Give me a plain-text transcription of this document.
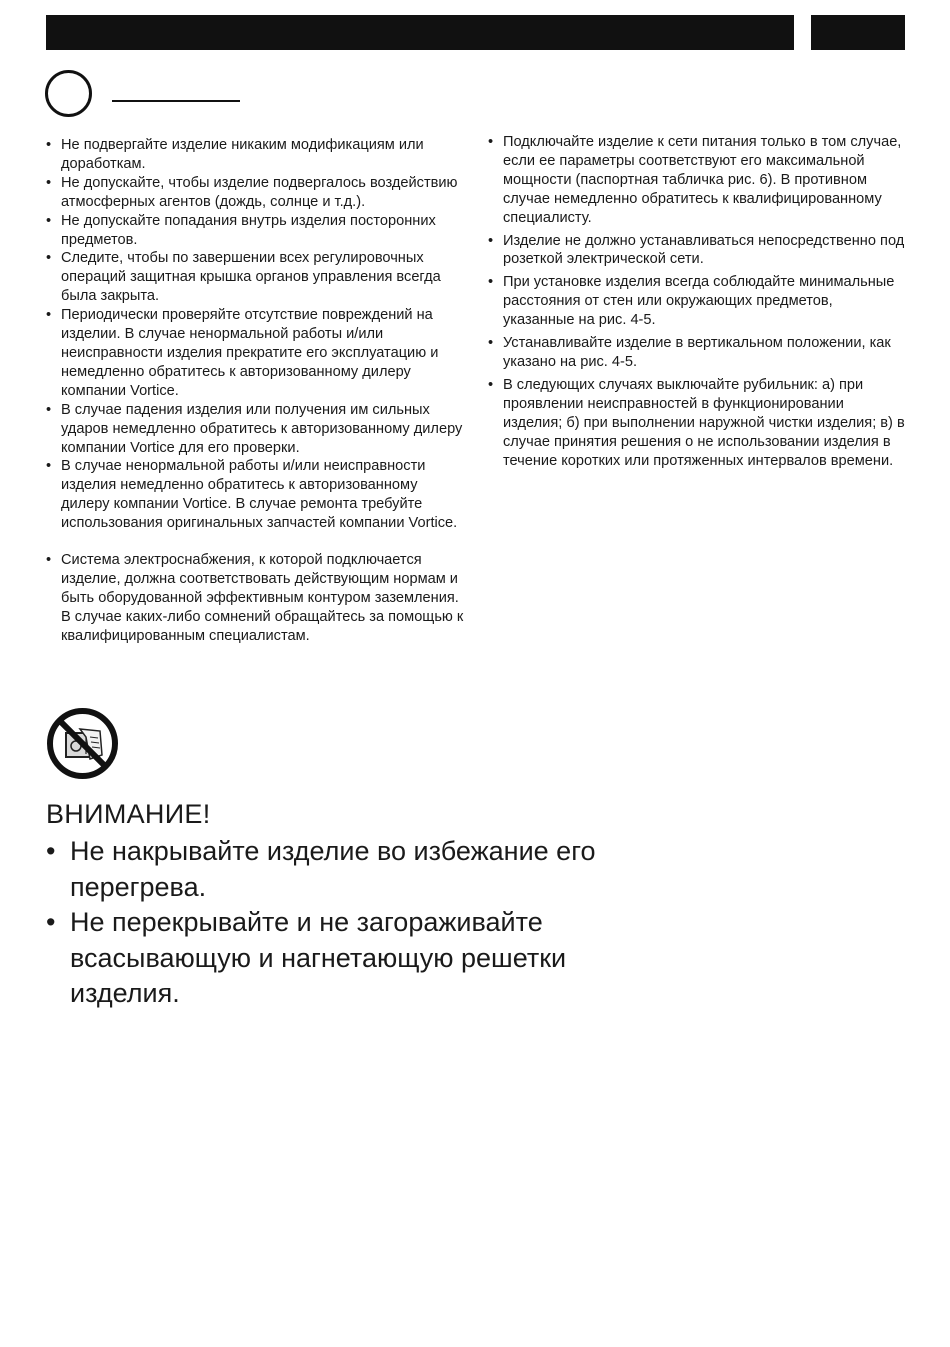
• Не подвергайте изделие никаким модификациям или доработкам.
• Не допускайте, чтобы изделие подвергалось воздействию атмосферных агентов (дождь, солнце и т.д.).
• Не допускайте попадания внутрь изделия посторонних предметов.
• Следите, чтобы по завершении всех регулировочных операций защитная крышка органов управления всегда была закрыта.
• Периодически проверяйте отсутствие повреждений на изделии. В случае ненормальной работы и/или неисправности изделия прекратите его эксплуатацию и немедленно обратитесь к авторизованному дилеру компании Vortice.
• В случае падения изделия или получения им сильных ударов немедленно обратитесь к авторизованному дилеру компании Vortice для его проверки.
• В случае ненормальной работы и/или неисправности изделия немедленно обратитесь к авторизованному дилеру компании Vortice. В случае ремонта требуйте использования оригинальных запчастей компании Vortice.
• Система электроснабжения, к которой подключается изделие, должна соответствовать действующим нормам и быть оборудованной эффективным контуром заземления. В случае каких-либо сомнений обращайтесь за помощью к квалифицированным специалистам.
• Подключайте изделие к сети питания только в том случае, если ее параметры соответствуют его максимальной мощности (паспортная табличка рис. 6). В противном случае немедленно обратитесь к квалифицированному специалисту.
• Изделие не должно устанавливаться непосредственно под розеткой электрической сети.
• При установке изделия всегда соблюдайте минимальные расстояния от стен или окружающих предметов, указанные на рис. 4-5.
• Устанавливайте изделие в вертикальном положении, как указано на рис. 4-5.
• В следующих случаях выключайте рубильник: а) при проявлении неисправностей в функционировании изделия; б) при выполнении наружной чистки изделия; в) в случае принятия решения о не использовании изделия в течение коротких или протяженных интервалов времени.
ВНИМАНИЕ!
• Не накрывайте изделие во избежание его перегрева.
• Не перекрывайте и не загораживайте всасывающую и нагнетающую решетки изделия.
